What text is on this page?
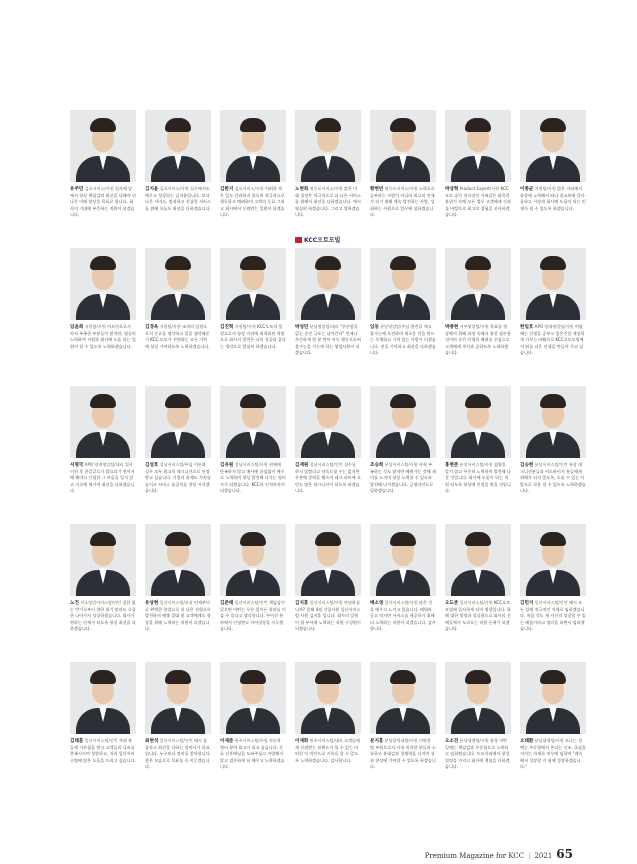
유주민 김포서비스/사원 입사에 앞에서 항상 책임감과 최선을 다해야 더 나은 미래 향상을 목표로 합니다. 회사의 기대에 부응하는 직원이 되겠습니다.
김지윤 김포서비스/사원 실수에서도 배우고 성장하는 김지윤입니다. 보다 나은 서비스, 정직하고 친절한 서비스를 위해 오늘도 최선을 다하겠습니다.
김한지 김포서비스/사원 어려한 작은 일도 간과하지 않으며 적극적으로 행동하고 배려하며 고객의 동료 그리고 회사에서 신뢰받는 일원이 되겠습니다.
노현희 영등포서비스/사원 밝은 미래 성장은 적극적으로 더 나은 서비스를 위해서 최선을 다하겠습니다. 예서 영실히 하겠습니다. 그리고 열하겠습니다.
황현빈 영등포서비스/사원 노력으로 승부하는 사람이 이니라 최고의 인재가 되기 위해 계속 발전하는 사람, 성취하는 사원으로 업무에 임하겠습니다.
박상혁 Product Expert/사원 KCC모토 공인 전시장의 가족같은 화목한 분위기 속에 모든 업무 고객에게 신뢰를 바탕으로 최고의 경험을 선사하겠습니다.
이종균 지원팀/사원 밝은 자리에서 항상에 노력해서 따다 결코보에 갈사옵하고 시장과 회사에 도움이 되는 인재가 될 수 있도록 하겠습니다.
임윤희 지원팀/사원 어드민으로서 아직 부족한 부분들이 많지만, 영실히 노력하여 지원과 회사에 도움 되는 일원이 될 수 있도록 노력하겠습니다.
김경옥 지원팀/사원 조직의 일원으로서 동료를 생각하고 일을 생각해준기 KCC 모토가 전원하는 모든 가치에 항상 기여하도록 노력하겠습니다.
김진혁 지원팀/사원 KCC오토의 일원으로서 항상 자리에 최적화된 직원으로 회사의 발전은 나의 성공과 같다는 생각으로 열심히 하겠습니다.
박성민 분당영업팀/대리 "주준함을 잃는 순간 극포는 날아간다" 언제나 주준하게 열 분 만이 아닌 행동으로써 불가능을 가능케 하는 영업사원이 되겠습니다.
임동 분당영업팀/주임 편견을 깨고 불가능에 도전하며 새로운 것을 만드는 독행하고 가치 있는 사람이 되겠습니다. 전을 기억하고 최선을 다하겠습니다.
박종현 서부영업팀/사원 목표를 향상해서 위해 과정 속에서 항상 겸손함 것이며 중간 인생과 배려를 중심으로 고객에게 주신과 증하도록 노력하겠습니다.
한일호 APO 양재영업팀/사원 어릴때는 인생을 공부고 좋은긴할 세상하게 가꾸는 바활으로 KCC오토모빌에서 뛰를 더운 인생을 만들어 가고 싶습니다.
서명국 APO 양재영업팀/대리 입사이전 후 한걸같으가 발요되기 전까지에 해야고 간철한 그 마음을 잊지 않고 거로에 세기며 최선을 다하겠습니다.
김성호 성남서비스팀/주임 이론과 실무 모두 최고의 테크니션으로 인정받고 싶습니다. 기업의 과제도 가치를 높이고 서비스 품질의를 향상 시키겠습니다.
김유원 성남서비스팀/사원 현재에 만족하지 않고 매사에 끊임없이 배우고 노력하며 항상 발전해 나가는 정비사가 되겠습니다. KCC의 인적자산이 되겠습니다.
김재원 성남서비스팀/인턴 실수를 하지 않겠다고 약속드릴 수는 없지만 무관에 상력을 했으며 테크 파트에 고민도 많은 테크니션이 되도록 하겠습니다.
조승희 분당서비스팀/사원 아직 부족하는 것도 많지만 배워가는 것에 재미를 느끼며 항상 노력할 수 있도록 발전해 나가겠습니다. 긍정마인드로 일하겠습니다.
홍현준 분당서비스팀/사원 겸영을 알지 않고 꾸준히 노력하며 발전해 나갈 것입니다. 회사에 도움이 되는 직원 되도록 항상에 인정을 받을 것입니다.
김승현 분당서비스팀/인턴 통상 테크니션분들과 어드바이저 분들에게 위해가 되지 않도록, 도움 수 있는 사람으로 작용 할 수 있도록 노력하겠습니다.
노건 서초영업서비스팀/인턴 창한 없는 반기로부터 향한 위기 말라도 죽음한 나아가서 성장하겠습니다. 회사가 원하는 인재가 되도록 항상 최선을 다하겠습니다.
유상현 일산서비스팀/과장 언제부터로 완벽한 합업으로 더 나은 직원으로 발전하며 배출 잡대 및 고객에게도 항상을 위해 노력하는 직원이 되겠습니다.
김준태 일산서비스팀/인턴 책임감이 있으면 어떤는 무슨 일이든 결과를 이룰 수 있다고 생각합니다. 주어진 분야에서 인정받고 자아상장을 이루겠습니다.
김지훈 일산서비스팀/사원 안녕하십니까? 올해 4월 신입사원 일산서비스팀 사원 김지훈 입니다. 회사의 일원이 될 부서에 노력하는 직원 구성원이 되겠습니다.
배소영 일산서비스팀/사원 많은 것을 배우고 느끼고 있습니다. 배워라 곧고 작지만 서비스를 제공하기 위해 더 노력하는 직원이 되겠습니다. 감사합니다.
오도준 일산서비스팀/사원 KCC오토모빌에 입사하게 되어 영광입니다. 항해 대한 열정과 성실함으로 회사의 선배들께서 도리오는 직원 든재가 되겠습니다.
김민지 일산서비스팀/인턴 해시 모든 일에 적극적인 자세로 임하겠습니다. 처음 것도 제 자신의 성장할 수 있는 배움이라고 생각을 하면서 임하겠습니다.
김태훈 일산서비스팀/인턴 주위 분들께 가르침을 받고 고객들의 니즈를 충족시키며 성장하고, 저희 일산서비스팀에 많은 도움을 드리고 싶습니다.
최현석 일산서비스팀/인턴 매시 꼼꼼하고 최선을 다하는 정비사가 목표입니다. 누구보다 정비를 좋아합니다. 좋은 모습으로 목표를 꼭 이루겠습니다.
이재준 원주서비스팀/주임 자동차 정비 분야 회고가 되고 싶습니다. 동료 선후배님들 도와주심고 자랑해지 않고 겸손하게 더 배우고 노력하겠습니다.
이재화 원주서비스팀/대리 고객들에게 신뢰받는 브랜드가 될 수 있는 어떠힌 이 마인드로 기록을 할 수 있도록 노력하겠습니다. 감사합니다.
문지훈 분당광역대팀/사원 미약한 팀 부원으로서 시내 처작한 분들과 소통하고 유대감과 경쟁력을 다지며 성과 향상에 기여할 수 있도록 하겠습니다.
오소진 분당대행팀/사원 항상 어떤 일에는 책임감과 꾸준함으로 노력하고 임하겠습니다. 도모자리에서 항상 열정을 가지고 회사에 책임을 다하겠습니다.
오태환 분당대행팀/사원 모나는 성택는 주준함에서 온다는 신조, 초심을 지키는 자세로 직무에 임하며 "계속해서 성장할 거 함께 성장하겠습니다."
KCC오토모빌
Premium Magazine for KCC | 2021 65
